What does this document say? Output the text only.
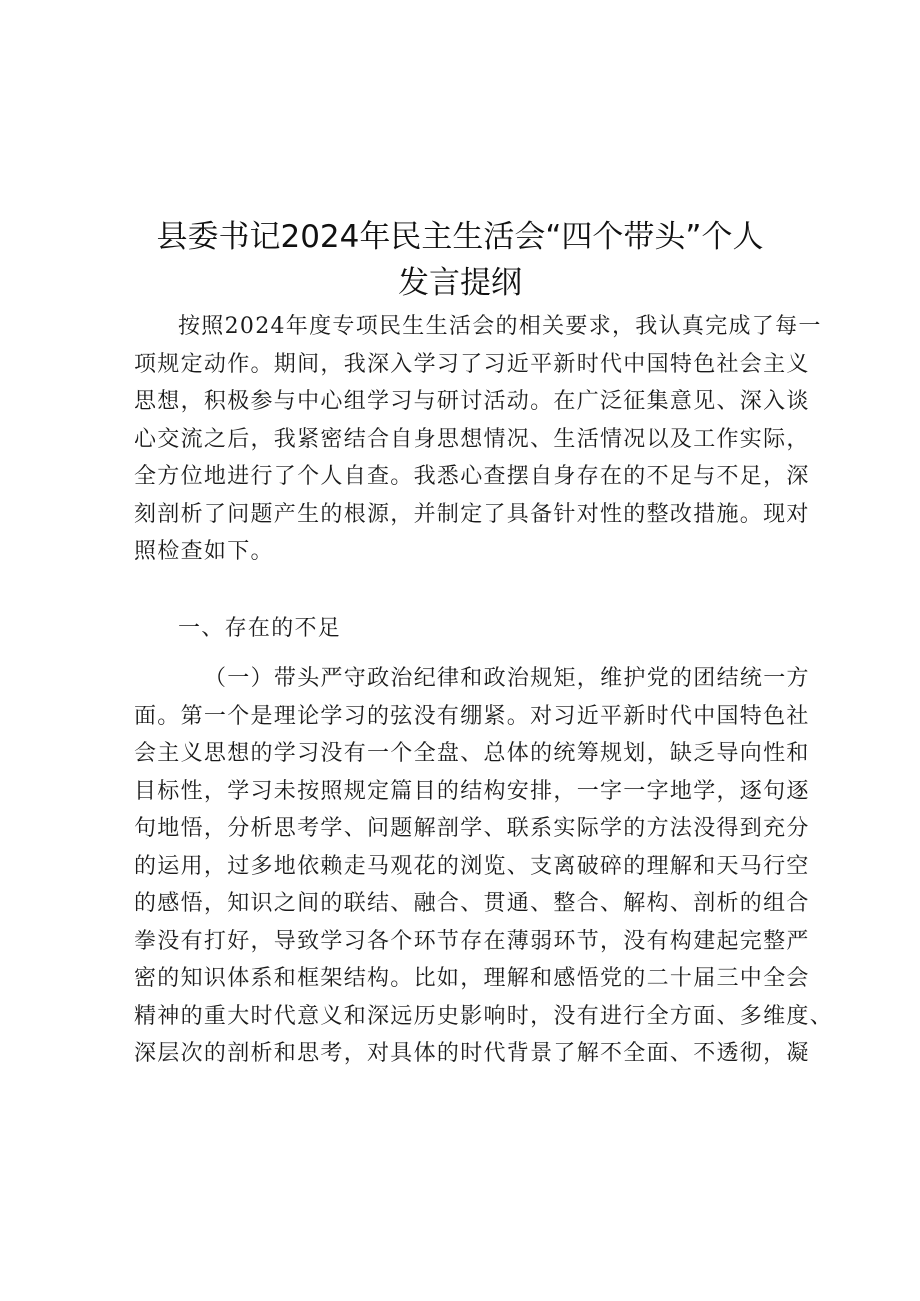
县委书记2024年民主生活会“四个带头”个人
发言提纲
按照2024年度专项民生生活会的相关要求，我认真完成了每一
项规定动作。期间，我深入学习了习近平新时代中国特色社会主义
思想，积极参与中心组学习与研讨活动。在广泛征集意见、深入谈
心交流之后，我紧密结合自身思想情况、生活情况以及工作实际，
全方位地进行了个人自查。我悉心查摆自身存在的不足与不足，深
刻剖析了问题产生的根源，并制定了具备针对性的整改措施。现对
照检查如下。
一、存在的不足
（一）带头严守政治纪律和政治规矩，维护党的团结统一方
面。第一个是理论学习的弦没有绷紧。对习近平新时代中国特色社
会主义思想的学习没有一个全盘、总体的统筹规划，缺乏导向性和
目标性，学习未按照规定篇目的结构安排，一字一字地学，逐句逐
句地悟，分析思考学、问题解剖学、联系实际学的方法没得到充分
的运用，过多地依赖走马观花的浏览、支离破碎的理解和天马行空
的感悟，知识之间的联结、融合、贯通、整合、解构、剖析的组合
拳没有打好，导致学习各个环节存在薄弱环节，没有构建起完整严
密的知识体系和框架结构。比如，理解和感悟党的二十届三中全会
精神的重大时代意义和深远历史影响时，没有进行全方面、多维度、
深层次的剖析和思考，对具体的时代背景了解不全面、不透彻，凝
